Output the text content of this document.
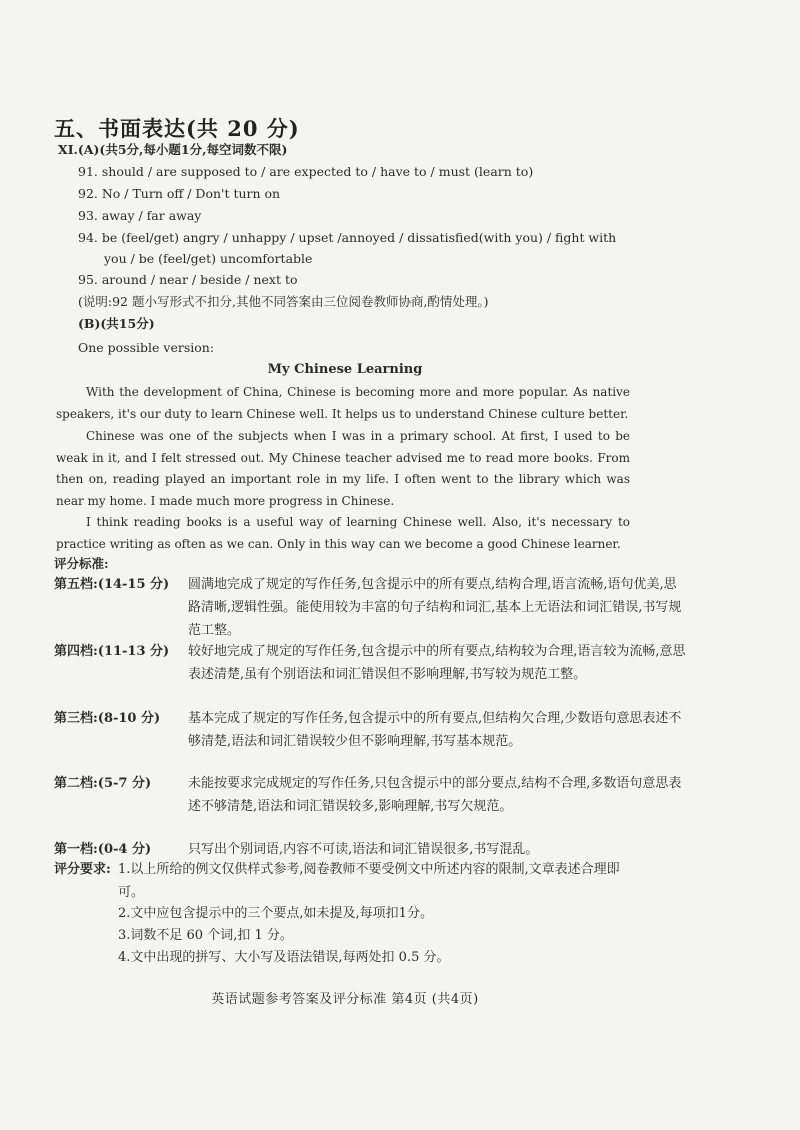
五、书面表达(共 20 分)
XI.(A)(共5分,每小题1分,每空词数不限)
91. should / are supposed to / are expected to / have to / must (learn to)
92. No / Turn off / Don't turn on
93. away / far away
94. be (feel/get) angry / unhappy / upset /annoyed / dissatisfied(with you) / fight with
you / be (feel/get) uncomfortable
95. around / near / beside / next to
(说明:92 题小写形式不扣分,其他不同答案由三位阅卷教师协商,酌情处理。)
(B)(共15分)
One possible version:
My Chinese Learning

With the development of China, Chinese is becoming more and more popular. As native speakers, it's our duty to learn Chinese well. It helps us to understand Chinese culture better.

Chinese was one of the subjects when I was in a primary school. At first, I used to be weak in it, and I felt stressed out. My Chinese teacher advised me to read more books. From then on, reading played an important role in my life. I often went to the library which was near my home. I made much more progress in Chinese.

I think reading books is a useful way of learning Chinese well. Also, it's necessary to practice writing as often as we can. Only in this way can we become a good Chinese learner.

评分标准:
第五档:(14-15 分) 圆满地完成了规定的写作任务,包含提示中的所有要点,结构合理,语言流畅,语句优美,思路清晰,逻辑性强。能使用较为丰富的句子结构和词汇,基本上无语法和词汇错误,书写规范工整。
第四档:(11-13 分) 较好地完成了规定的写作任务,包含提示中的所有要点,结构较为合理,语言较为流畅,意思表述清楚,虽有个别语法和词汇错误但不影响理解,书写较为规范工整。
第三档:(8-10 分) 基本完成了规定的写作任务,包含提示中的所有要点,但结构欠合理,少数语句意思表述不够清楚,语法和词汇错误较少但不影响理解,书写基本规范。
第二档:(5-7 分)	未能按要求完成规定的写作任务,只包含提示中的部分要点,结构不合理,多数语句意思表述不够清楚,语法和词汇错误较多,影响理解,书写欠规范。
第一档:(0-4 分)	只写出个别词语,内容不可读,语法和词汇错误很多,书写混乱。
评分要求: 1.以上所给的例文仅供样式参考,阅卷教师不要受例文中所述内容的限制,文章表述合理即可。
2.文中应包含提示中的三个要点,如未提及,每项扣1分。
3.词数不足 60 个词,扣 1 分。
4.文中出现的拼写、大小写及语法错误,每两处扣 0.5 分。
英语试题参考答案及评分标准 第4页 (共4页)
